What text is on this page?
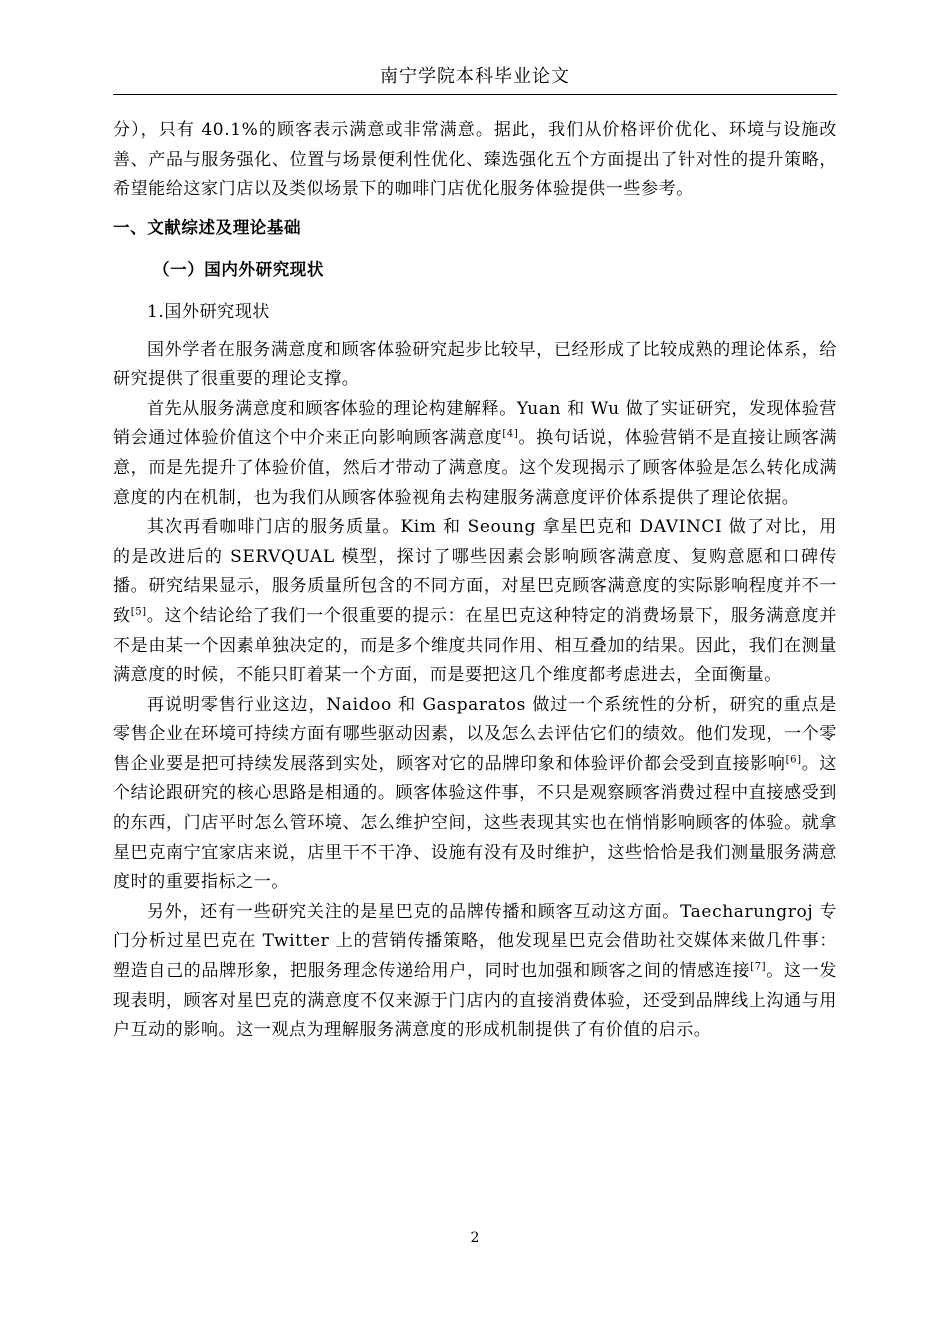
南宁学院本科毕业论文

分），只有 40.1%的顾客表示满意或非常满意。据此，我们从价格评价优化、环境与设施改善、产品与服务强化、位置与场景便利性优化、臻选强化五个方面提出了针对性的提升策略，希望能给这家门店以及类似场景下的咖啡门店优化服务体验提供一些参考。

一、文献综述及理论基础
（一）国内外研究现状
1.国外研究现状

国外学者在服务满意度和顾客体验研究起步比较早，已经形成了比较成熟的理论体系，给研究提供了很重要的理论支撑。

首先从服务满意度和顾客体验的理论构建解释。Yuan 和 Wu 做了实证研究，发现体验营销会通过体验价值这个中介来正向影响顾客满意度[4]。换句话说，体验营销不是直接让顾客满意，而是先提升了体验价值，然后才带动了满意度。这个发现揭示了顾客体验是怎么转化成满意度的内在机制，也为我们从顾客体验视角去构建服务满意度评价体系提供了理论依据。

其次再看咖啡门店的服务质量。Kim 和 Seoung 拿星巴克和 DAVINCI 做了对比，用的是改进后的 SERVQUAL 模型，探讨了哪些因素会影响顾客满意度、复购意愿和口碑传播。研究结果显示，服务质量所包含的不同方面，对星巴克顾客满意度的实际影响程度并不一致[5]。这个结论给了我们一个很重要的提示：在星巴克这种特定的消费场景下，服务满意度并不是由某一个因素单独决定的，而是多个维度共同作用、相互叠加的结果。因此，我们在测量满意度的时候，不能只盯着某一个方面，而是要把这几个维度都考虑进去，全面衡量。

再说明零售行业这边，Naidoo 和 Gasparatos 做过一个系统性的分析，研究的重点是零售企业在环境可持续方面有哪些驱动因素，以及怎么去评估它们的绩效。他们发现，一个零售企业要是把可持续发展落到实处，顾客对它的品牌印象和体验评价都会受到直接影响[6]。这个结论跟研究的核心思路是相通的。顾客体验这件事，不只是观察顾客消费过程中直接感受到的东西，门店平时怎么管环境、怎么维护空间，这些表现其实也在悄悄影响顾客的体验。就拿星巴克南宁宜家店来说，店里干不干净、设施有没有及时维护，这些恰恰是我们测量服务满意度时的重要指标之一。

另外，还有一些研究关注的是星巴克的品牌传播和顾客互动这方面。Taecharungroj 专门分析过星巴克在 Twitter 上的营销传播策略，他发现星巴克会借助社交媒体来做几件事：塑造自己的品牌形象，把服务理念传递给用户，同时也加强和顾客之间的情感连接[7]。这一发现表明，顾客对星巴克的满意度不仅来源于门店内的直接消费体验，还受到品牌线上沟通与用户互动的影响。这一观点为理解服务满意度的形成机制提供了有价值的启示。

2
